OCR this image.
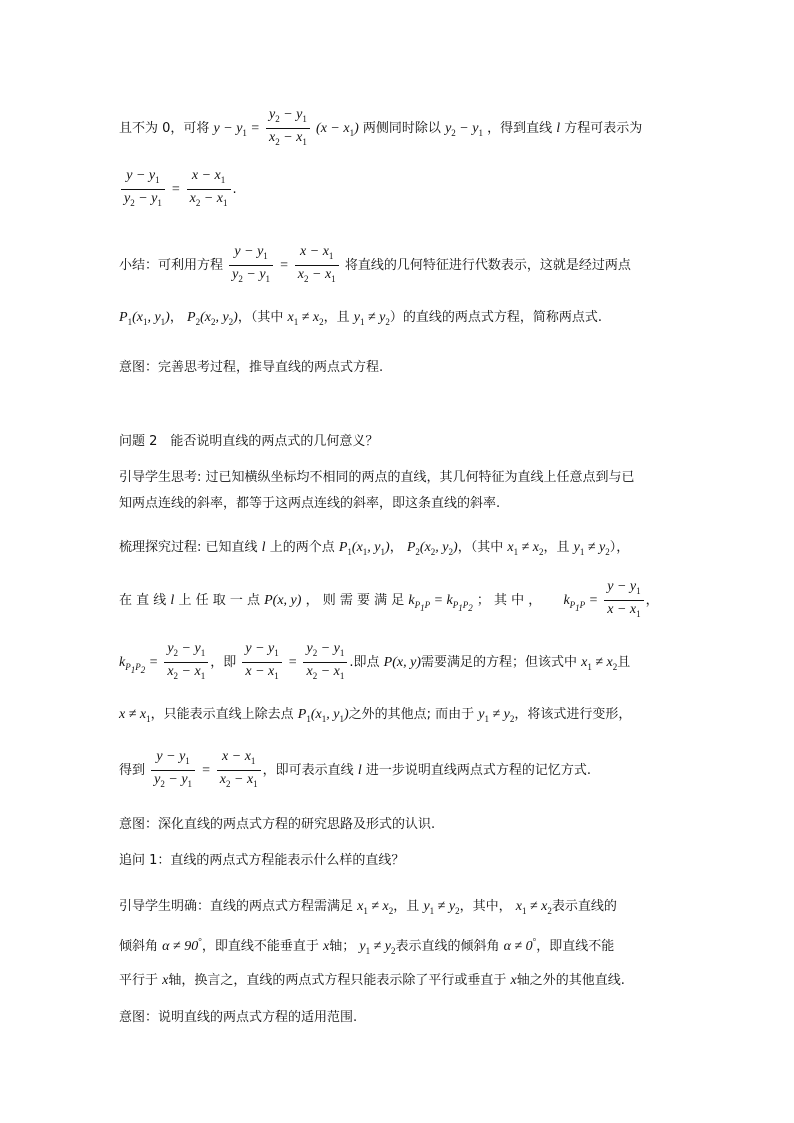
且不为 0，可将 $y - y_1 = \frac{y_2 - y_1}{x_2 - x_1} (x - x_1)$ 两侧同时除以 $y_2 - y_1$ ，得到直线 l 方程可表示为
$\frac{y - y_1}{y_2 - y_1} = \frac{x - x_1}{x_2 - x_1}$ .
小结：可利用方程 $\frac{y - y_1}{y_2 - y_1} = \frac{x - x_1}{x_2 - x_1}$ 将直线的几何特征进行代数表示，这就是经过两点
$P_1(x_1$, $y_1$)， $P_2(x_2$, $y_2$)，（其中 $x_1 \ne x_2$，且 $y_1 \ne y_2$）的直线的两点式方程，简称两点式.
意图：完善思考过程，推导直线的两点式方程.
问题 2　能否说明直线的两点式的几何意义？
引导学生思考: 过已知横纵坐标均不相同的两点的直线，其几何特征为直线上任意点到与已
知两点连线的斜率，都等于这两点连线的斜率，即这条直线的斜率.
梳理探究过程: 已知直线 l 上的两个点 $P_1(x_1$, $y_1$)， $P_2(x_2$, $y_2$)，（其中 $x_1 \ne x_2$，且 $y_1 \ne y_2$），
在 直 线 l 上 任 取 一 点 P(x, y) ， 则 需 要 满 足 $k_{P_1P} = k_{P_1P_2}$ ； 其 中 ， $k_{P_1P} = \frac{y - y_1}{x - x_1}$ ，
$k_{P_1P_2} = \frac{y_2 - y_1}{x_2 - x_1}$ ，即 $\frac{y - y_1}{x - x_1} = \frac{y_2 - y_1}{x_2 - x_1}$ .即点 P(x, y)需要满足的方程；但该式中 $x_1 \ne x_2$且
$x \ne x_1$，只能表示直线上除去点 $P_1(x_1$, $y_1$)之外的其他点; 而由于 $y_1 \ne y_2$，将该式进行变形，
得到 $\frac{y - y_1}{y_2 - y_1} = \frac{x - x_1}{x_2 - x_1}$ ，即可表示直线 l 进一步说明直线两点式方程的记忆方式.
意图：深化直线的两点式方程的研究思路及形式的认识.
追问 1：直线的两点式方程能表示什么样的直线？
引导学生明确：直线的两点式方程需满足 $x_1 \ne x_2$，且 $y_1 \ne y_2$，其中， $x_1 \ne x_2$表示直线的
倾斜角 α ≠ 90°，即直线不能垂直于 x轴； $y_1 \ne y_2$表示直线的倾斜角 α ≠ 0°，即直线不能
平行于 x轴，换言之，直线的两点式方程只能表示除了平行或垂直于 x轴之外的其他直线.
意图：说明直线的两点式方程的适用范围.
